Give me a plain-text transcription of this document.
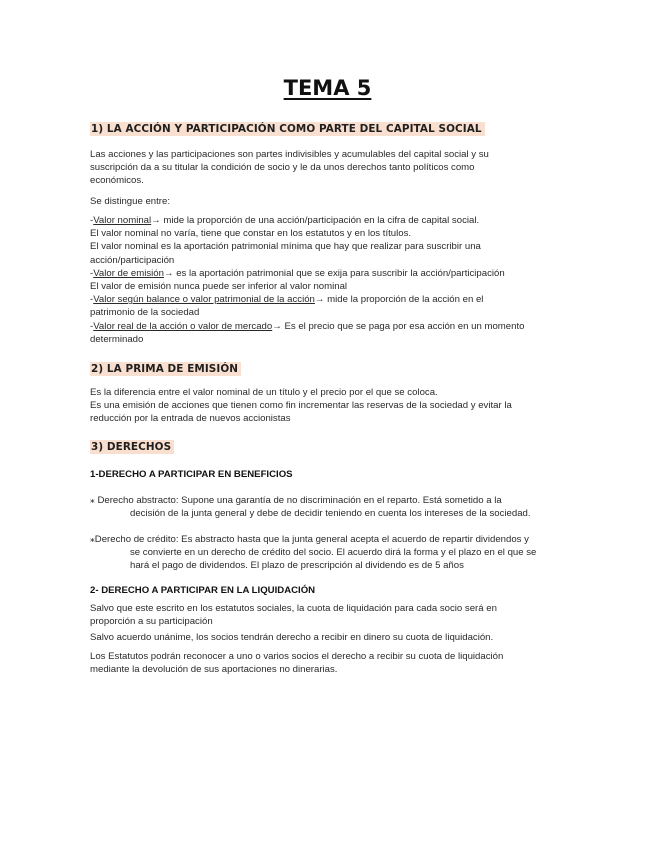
TEMA 5
1) LA ACCIÓN Y PARTICIPACIÓN COMO PARTE DEL CAPITAL SOCIAL
Las acciones y las participaciones son partes indivisibles y acumulables del capital social y su
suscripción da a su titular la condición de socio y le da unos derechos tanto políticos como
económicos.
Se distingue entre:
-Valor nominal→ mide la proporción de una acción/participación en la cifra de capital social.
El valor nominal no varía, tiene que constar en los estatutos y en los títulos.
El valor nominal es la aportación patrimonial mínima que hay que realizar para suscribir una
acción/participación
-Valor de emisión→ es la aportación patrimonial que se exija para suscribir la acción/participación
El valor de emisión nunca puede ser inferior al valor nominal
-Valor según balance o valor patrimonial de la acción→ mide la proporción de la acción en el
patrimonio de la sociedad
-Valor real de la acción o valor de mercado→ Es el precio que se paga por esa acción en un momento
determinado
2) LA PRIMA DE EMISIÓN
Es la diferencia entre el valor nominal de un título y el precio por el que se coloca.
Es una emisión de acciones que tienen como fin incrementar las reservas de la sociedad y evitar la
reducción por la entrada de nuevos accionistas
3) DERECHOS
1-DERECHO A PARTICIPAR EN BENEFICIOS
⁎ Derecho abstracto: Supone una garantía de no discriminación en el reparto. Está sometido a la
decisión de la junta general y debe de decidir teniendo en cuenta los intereses de la sociedad.
⁎Derecho de crédito: Es abstracto hasta que la junta general acepta el acuerdo de repartir dividendos y
se convierte en un derecho de crédito del socio. El acuerdo dirá la forma y el plazo en el que se
hará el pago de dividendos. El plazo de prescripción al dividendo es de 5 años
2- DERECHO A PARTICIPAR EN LA LIQUIDACIÓN
Salvo que este escrito en los estatutos sociales, la cuota de liquidación para cada socio será en
proporción a su participación
Salvo acuerdo unánime, los socios tendrán derecho a recibir en dinero su cuota de liquidación.
Los Estatutos podrán reconocer a uno o varios socios el derecho a recibir su cuota de liquidación
mediante la devolución de sus aportaciones no dinerarias.
